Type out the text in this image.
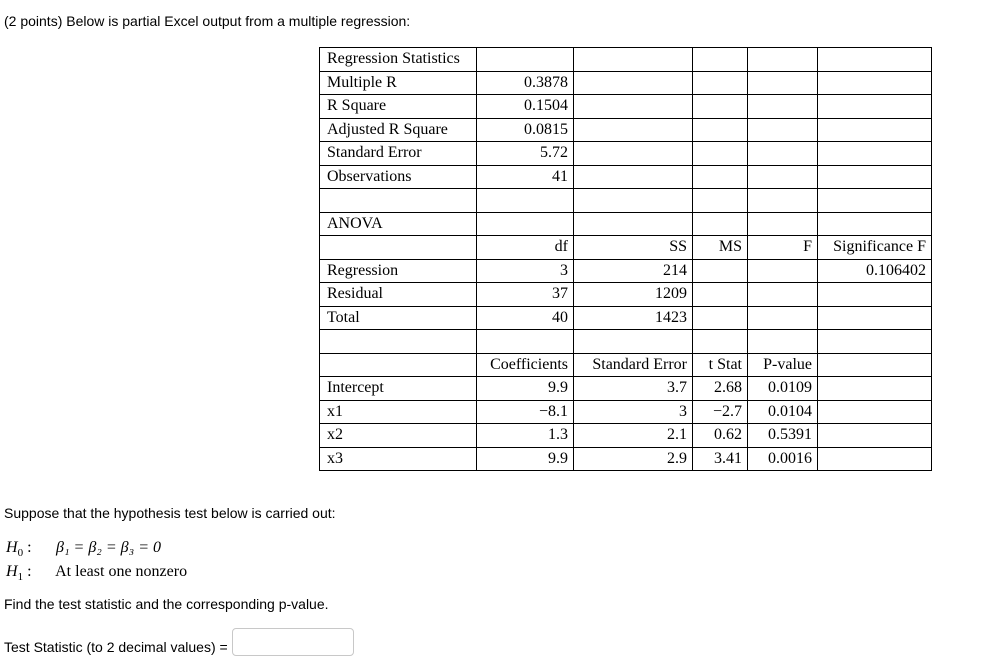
(2 points) Below is partial Excel output from a multiple regression:
Regression Statistics					
Multiple R	0.3878				
R Square	0.1504				
Adjusted R Square	0.0815				
Standard Error	5.72				
Observations	41				

ANOVA					
	df	SS	MS	F	Significance F
Regression	3	214			0.106402
Residual	37	1209			
Total	40	1423			

	Coefficients	Standard Error	t Stat	P-value	
Intercept	9.9	3.7	2.68	0.0109	
x1	−8.1	3	−2.7	0.0104	
x2	1.3	2.1	0.62	0.5391	
x3	9.9	2.9	3.41	0.0016	
Suppose that the hypothesis test below is carried out:
$H_0$ : β₁ = β₂ = β₃ = 0
$H_1$ : At least one nonzero
Find the test statistic and the corresponding p-value.
Test Statistic (to 2 decimal values) =
